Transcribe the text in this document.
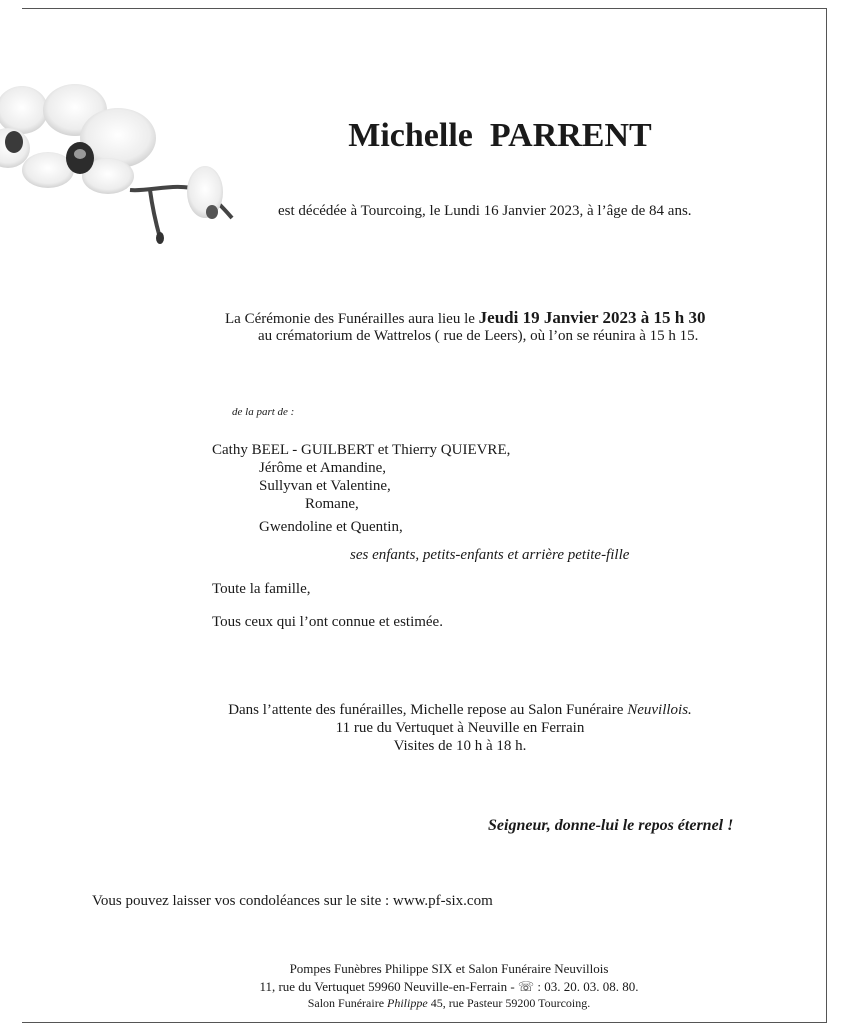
Michelle PARRENT
est décédée à Tourcoing, le Lundi 16 Janvier 2023, à l’âge de 84 ans.
La Cérémonie des Funérailles aura lieu le Jeudi 19 Janvier 2023 à 15 h 30
au crématorium de Wattrelos ( rue de Leers), où l’on se réunira à 15 h 15.
de la part de :
Cathy BEEL - GUILBERT et Thierry QUIEVRE,
Jérôme et Amandine,
Sullyvan et Valentine,
Romane,
Gwendoline et Quentin,
ses enfants, petits-enfants et arrière petite-fille
Toute la famille,
Tous ceux qui l’ont connue et estimée.
Dans l’attente des funérailles, Michelle repose au Salon Funéraire Neuvillois.
11 rue du Vertuquet à Neuville en Ferrain
Visites de 10 h à 18 h.
Seigneur, donne-lui le repos éternel !
Vous pouvez laisser vos condoléances sur le site : www.pf-six.com
Pompes Funèbres Philippe SIX et Salon Funéraire Neuvillois
11, rue du Vertuquet 59960 Neuville-en-Ferrain - ☏ : 03. 20. 03. 08. 80.
Salon Funéraire Philippe 45, rue Pasteur 59200 Tourcoing.
